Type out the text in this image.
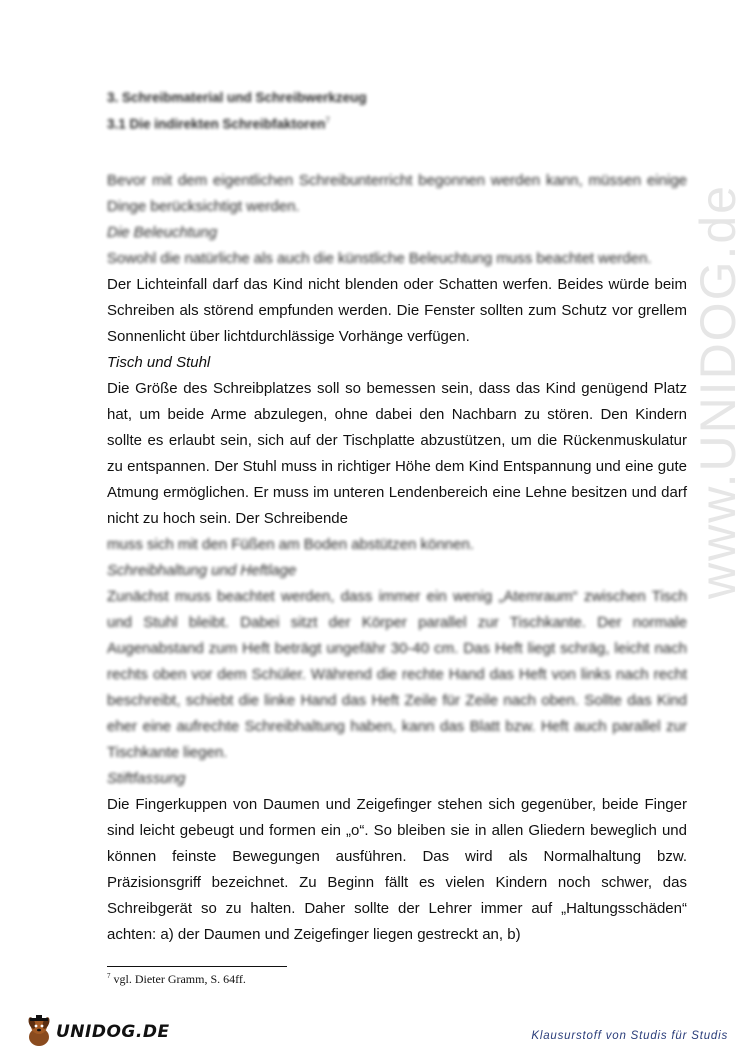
www.UNIDOG.de
3. Schreibmaterial und Schreibwerkzeug
3.1 Die indirekten Schreibfaktoren$^7$

Bevor mit dem eigentlichen Schreibunterricht begonnen werden kann, müssen einige Dinge berücksichtigt werden.

Die Beleuchtung

Sowohl die natürliche als auch die künstliche Beleuchtung muss beachtet werden.

Der Lichteinfall darf das Kind nicht blenden oder Schatten werfen. Beides würde beim Schreiben als störend empfunden werden. Die Fenster sollten zum Schutz vor grellem Sonnenlicht über lichtdurchlässige Vorhänge verfügen.

Tisch und Stuhl

Die Größe des Schreibplatzes soll so bemessen sein, dass das Kind genügend Platz hat, um beide Arme abzulegen, ohne dabei den Nachbarn zu stören. Den Kindern sollte es erlaubt sein, sich auf der Tischplatte abzustützen, um die Rückenmuskulatur zu entspannen. Der Stuhl muss in richtiger Höhe dem Kind Entspannung und eine gute Atmung ermöglichen. Er muss im unteren Lendenbereich eine Lehne besitzen und darf nicht zu hoch sein. Der Schreibende

muss sich mit den Füßen am Boden abstützen können.

Schreibhaltung und Heftlage

Zunächst muss beachtet werden, dass immer ein wenig „Atemraum“ zwischen Tisch und Stuhl bleibt. Dabei sitzt der Körper parallel zur Tischkante. Der normale Augenabstand zum Heft beträgt ungefähr 30-40 cm. Das Heft liegt schräg, leicht nach rechts oben vor dem Schüler. Während die rechte Hand das Heft von links nach recht beschreibt, schiebt die linke Hand das Heft Zeile für Zeile nach oben. Sollte das Kind eher eine aufrechte Schreibhaltung haben, kann das Blatt bzw. Heft auch parallel zur Tischkante liegen.

Stiftfassung

Die Fingerkuppen von Daumen und Zeigefinger stehen sich gegenüber, beide Finger sind leicht gebeugt und formen ein „o“. So bleiben sie in allen Gliedern beweglich und können feinste Bewegungen ausführen. Das wird als Normalhaltung bzw. Präzisionsgriff bezeichnet. Zu Beginn fällt es vielen Kindern noch schwer, das Schreibgerät so zu halten. Daher sollte der Lehrer immer auf „Haltungsschäden“ achten: a) der Daumen und Zeigefinger liegen gestreckt an, b)

$^7$ vgl. Dieter Gramm, S. 64ff.
UNIDOG.DE	Klausurstoff von Studis für Studis
